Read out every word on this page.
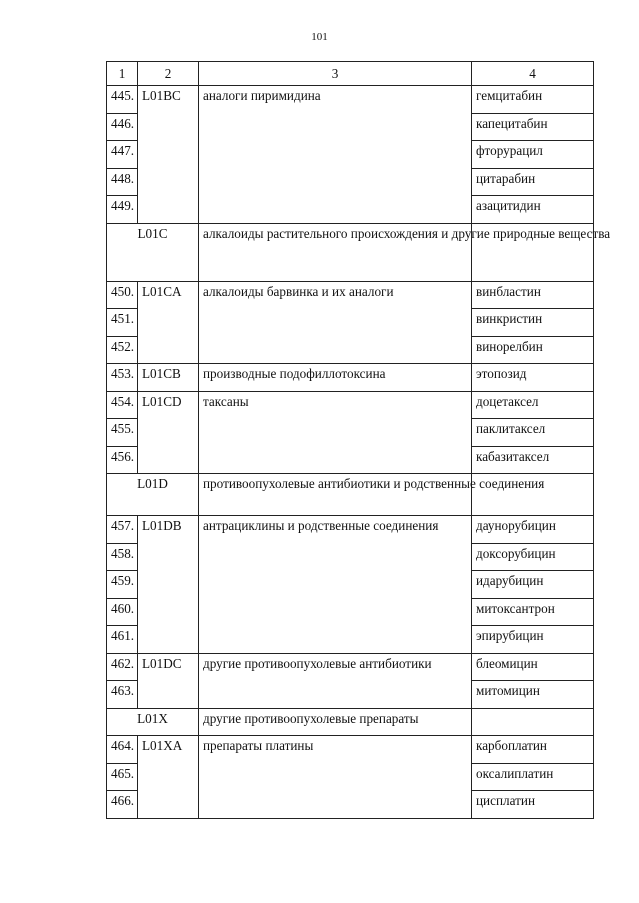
101
1	2	3	4
445.	L01BC	аналоги пиримидина	гемцитабин
446.			капецитабин
447.			фторурацил
448.			цитарабин
449.			азацитидин
L01C		алкалоиды растительного происхождения и другие природные вещества	
450.	L01CA	алкалоиды барвинка и их аналоги	винбластин
451.			винкристин
452.			винорелбин
453.	L01CB	производные подофиллотоксина	этопозид
454.	L01CD	таксаны	доцетаксел
455.			паклитаксел
456.			кабазитаксел
L01D		противоопухолевые антибиотики и родственные соединения	
457.	L01DB	антрациклины и родственные соединения	даунорубицин
458.			доксорубицин
459.			идарубицин
460.			митоксантрон
461.			эпирубицин
462.	L01DC	другие противоопухолевые антибиотики	блеомицин
463.			митомицин
L01X		другие противоопухолевые препараты	
464.	L01XA	препараты платины	карбоплатин
465.			оксалиплатин
466.			цисплатин
